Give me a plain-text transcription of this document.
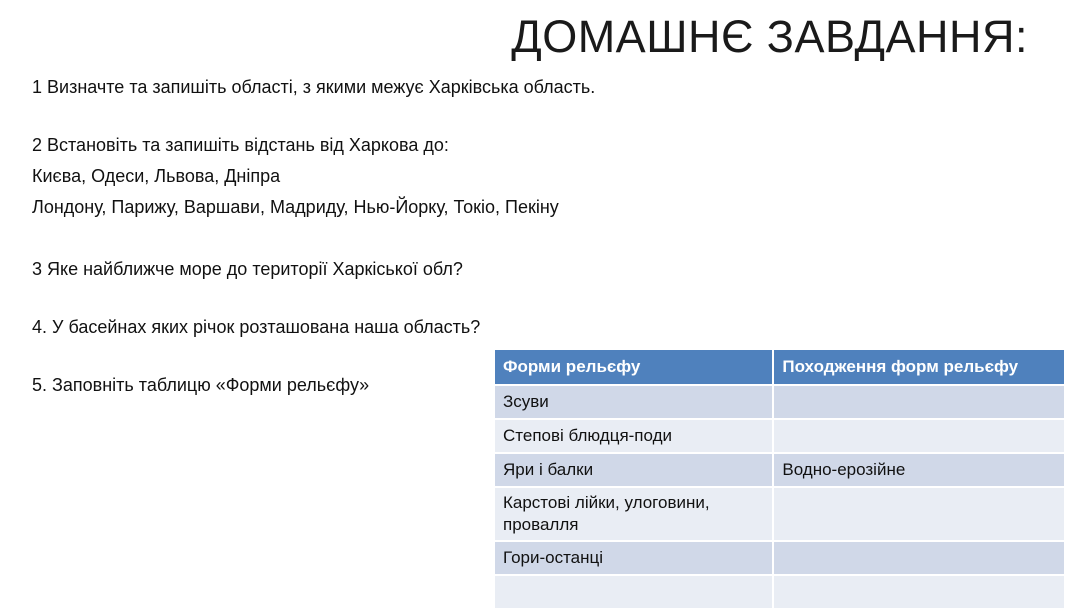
ДОМАШНЄ ЗАВДАННЯ:
1 Визначте та запишіть області, з якими межує Харківська область.
2 Встановіть та запишіть відстань від Харкова до:
Києва, Одеси, Львова, Дніпра
Лондону, Парижу, Варшави, Мадриду, Нью-Йорку, Токіо, Пекіну
3 Яке найближче море до території Харкіської обл?
4. У басейнах яких річок розташована наша область?
5. Заповніть таблицю «Форми рельєфу»
Форми рельєфу	Походження форм рельєфу
Зсуви	
Степові блюдця-поди	
Яри і балки	Водно-ерозійне
Карстові лійки, улоговини, провалля	
Гори-останці	
